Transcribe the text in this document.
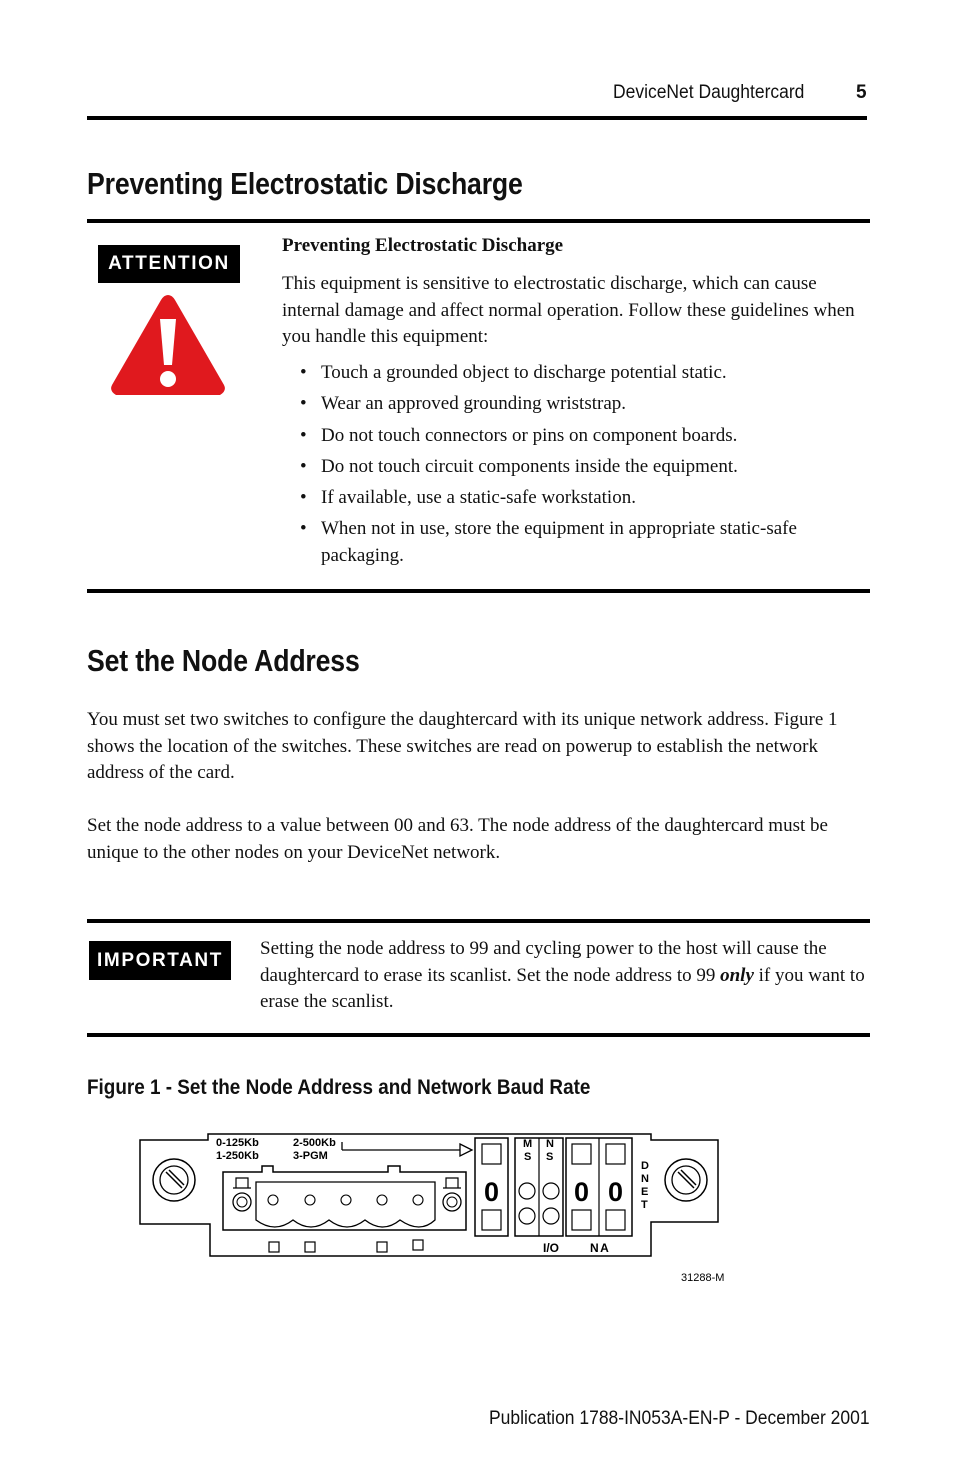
DeviceNet Daughtercard	5
Preventing Electrostatic Discharge
ATTENTION
Preventing Electrostatic Discharge
This equipment is sensitive to electrostatic discharge, which can cause internal damage and affect normal operation. Follow these guidelines when you handle this equipment:
• Touch a grounded object to discharge potential static.
• Wear an approved grounding wriststrap.
• Do not touch connectors or pins on component boards.
• Do not touch circuit components inside the equipment.
• If available, use a static-safe workstation.
• When not in use, store the equipment in appropriate static-safe packaging.
Set the Node Address

You must set two switches to configure the daughtercard with its unique network address. Figure 1 shows the location of the switches. These switches are read on powerup to establish the network address of the card.

Set the node address to a value between 00 and 63. The node address of the daughtercard must be unique to the other nodes on your DeviceNet network.

IMPORTANT
Setting the node address to 99 and cycling power to the host will cause the daughtercard to erase its scanlist. Set the node address to 99 only if you want to erase the scanlist.
Figure 1 - Set the Node Address and Network Baud Rate
0-125Kb
1-250Kb
2-500Kb
3-PGM
0
M
S
N
S
0 0
I/O	NA
D
N
E
T
31288-M
Publication 1788-IN053A-EN-P - December 2001
